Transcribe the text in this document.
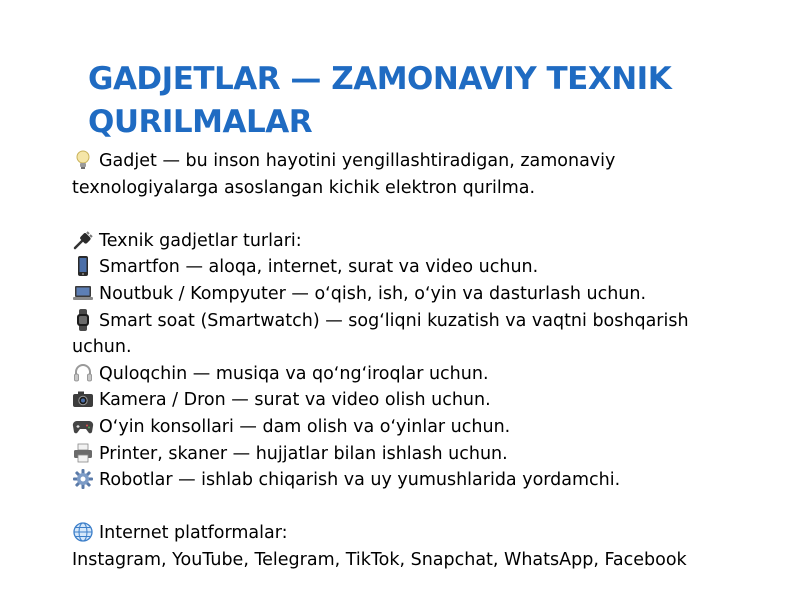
GADJETLAR — ZAMONAVIY TEXNIK QURILMALAR

Gadjet — bu inson hayotini yengillashtiradigan, zamonaviy texnologiyalarga asoslangan kichik elektron qurilma.

Texnik gadjetlar turlari:

Smartfon — aloqa, internet, surat va video uchun.

Noutbuk / Kompyuter — oʻqish, ish, oʻyin va dasturlash uchun.

Smart soat (Smartwatch) — sogʻliqni kuzatish va vaqtni boshqarish uchun.

Quloqchin — musiqa va qoʻngʻiroqlar uchun.

Kamera / Dron — surat va video olish uchun.

Oʻyin konsollari — dam olish va oʻyinlar uchun.

Printer, skaner — hujjatlar bilan ishlash uchun.

Robotlar — ishlab chiqarish va uy yumushlarida yordamchi.

Internet platformalar:

Instagram, YouTube, Telegram, TikTok, Snapchat, WhatsApp, Facebook
